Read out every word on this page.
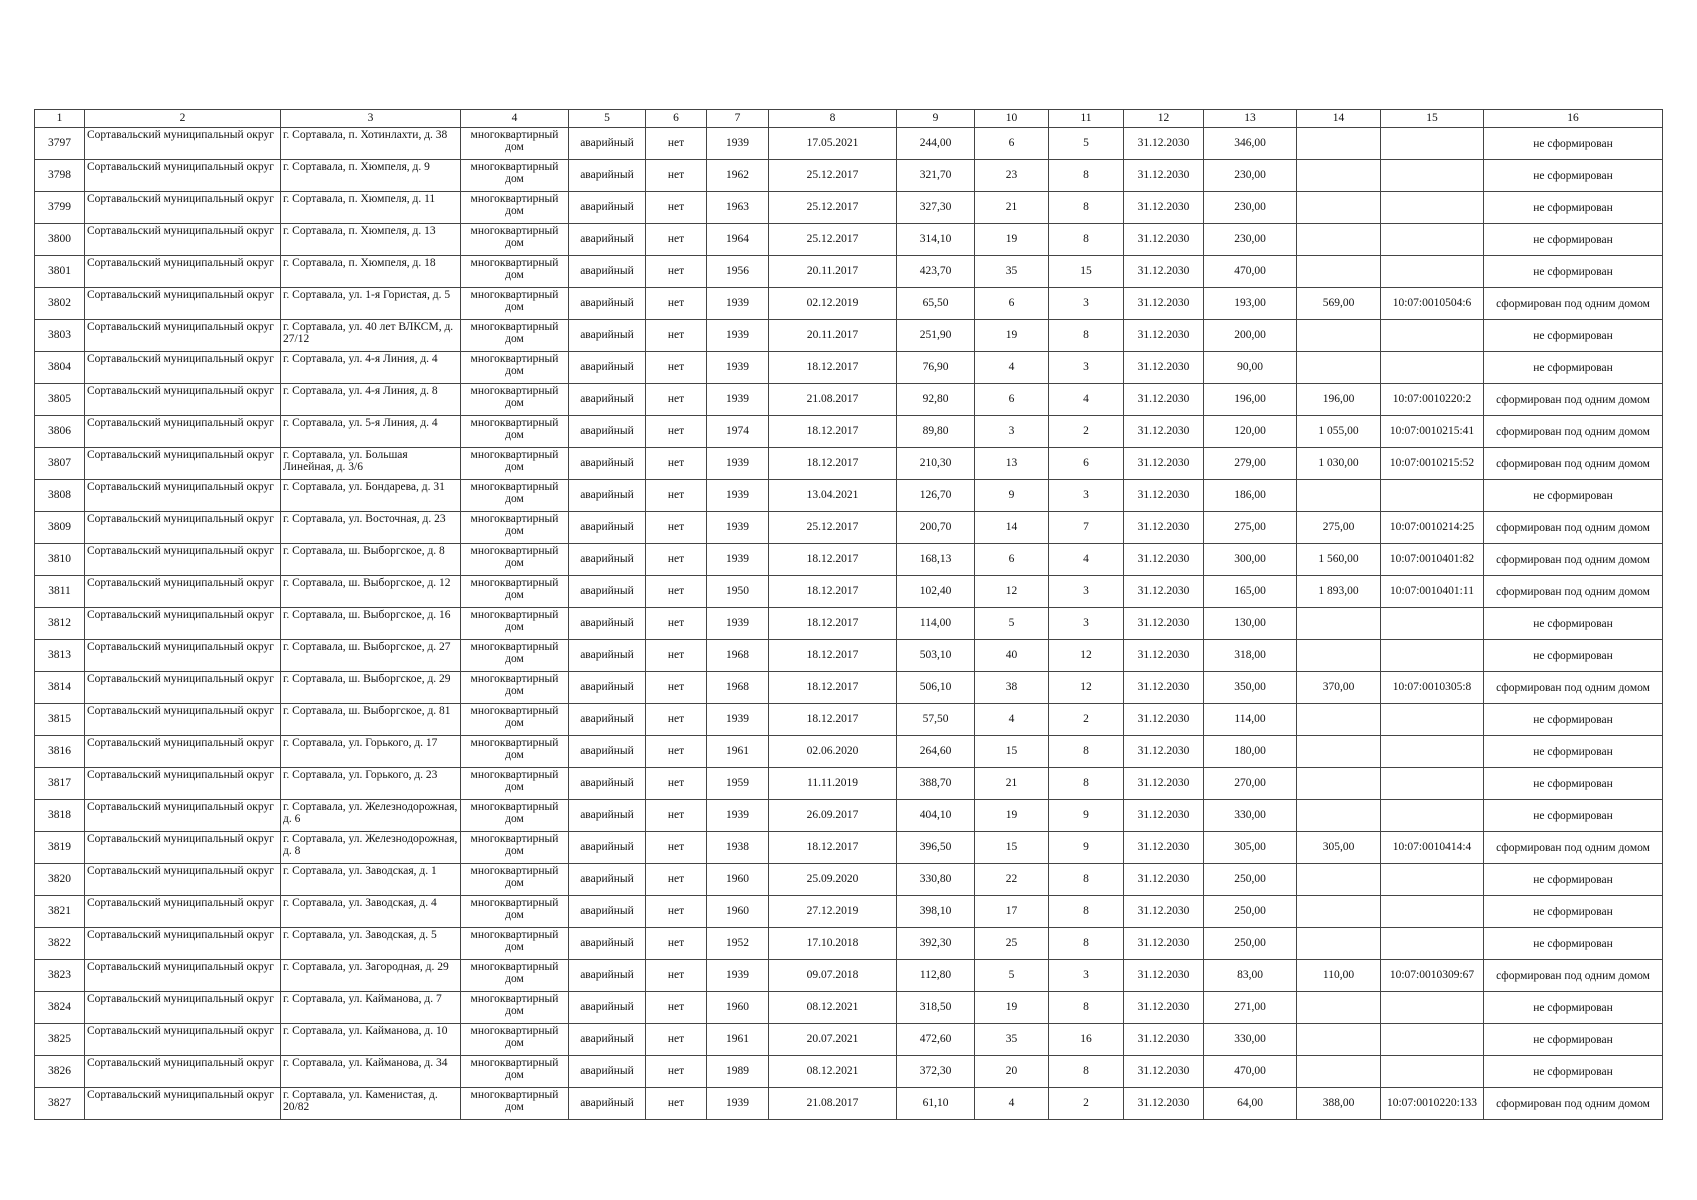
1	2	3	4	5	6	7	8	9	10	11	12	13	14	15	16
3797	Сортавальский муниципальный округ	г. Сортавала, п. Хотинлахти, д. 38	многоквартирный дом	аварийный	нет	1939	17.05.2021	244,00	6	5	31.12.2030	346,00			не сформирован
3798	Сортавальский муниципальный округ	г. Сортавала, п. Хюмпеля, д. 9	многоквартирный дом	аварийный	нет	1962	25.12.2017	321,70	23	8	31.12.2030	230,00			не сформирован
3799	Сортавальский муниципальный округ	г. Сортавала, п. Хюмпеля, д. 11	многоквартирный дом	аварийный	нет	1963	25.12.2017	327,30	21	8	31.12.2030	230,00			не сформирован
3800	Сортавальский муниципальный округ	г. Сортавала, п. Хюмпеля, д. 13	многоквартирный дом	аварийный	нет	1964	25.12.2017	314,10	19	8	31.12.2030	230,00			не сформирован
3801	Сортавальский муниципальный округ	г. Сортавала, п. Хюмпеля, д. 18	многоквартирный дом	аварийный	нет	1956	20.11.2017	423,70	35	15	31.12.2030	470,00			не сформирован
3802	Сортавальский муниципальный округ	г. Сортавала, ул. 1-я Гористая, д. 5	многоквартирный дом	аварийный	нет	1939	02.12.2019	65,50	6	3	31.12.2030	193,00	569,00	10:07:0010504:6	сформирован под одним домом
3803	Сортавальский муниципальный округ	г. Сортавала, ул. 40 лет ВЛКСМ, д. 27/12	многоквартирный дом	аварийный	нет	1939	20.11.2017	251,90	19	8	31.12.2030	200,00			не сформирован
3804	Сортавальский муниципальный округ	г. Сортавала, ул. 4-я Линия, д. 4	многоквартирный дом	аварийный	нет	1939	18.12.2017	76,90	4	3	31.12.2030	90,00			не сформирован
3805	Сортавальский муниципальный округ	г. Сортавала, ул. 4-я Линия, д. 8	многоквартирный дом	аварийный	нет	1939	21.08.2017	92,80	6	4	31.12.2030	196,00	196,00	10:07:0010220:2	сформирован под одним домом
3806	Сортавальский муниципальный округ	г. Сортавала, ул. 5-я Линия, д. 4	многоквартирный дом	аварийный	нет	1974	18.12.2017	89,80	3	2	31.12.2030	120,00	1 055,00	10:07:0010215:41	сформирован под одним домом
3807	Сортавальский муниципальный округ	г. Сортавала, ул. Большая Линейная, д. 3/6	многоквартирный дом	аварийный	нет	1939	18.12.2017	210,30	13	6	31.12.2030	279,00	1 030,00	10:07:0010215:52	сформирован под одним домом
3808	Сортавальский муниципальный округ	г. Сортавала, ул. Бондарева, д. 31	многоквартирный дом	аварийный	нет	1939	13.04.2021	126,70	9	3	31.12.2030	186,00			не сформирован
3809	Сортавальский муниципальный округ	г. Сортавала, ул. Восточная, д. 23	многоквартирный дом	аварийный	нет	1939	25.12.2017	200,70	14	7	31.12.2030	275,00	275,00	10:07:0010214:25	сформирован под одним домом
3810	Сортавальский муниципальный округ	г. Сортавала, ш. Выборгское, д. 8	многоквартирный дом	аварийный	нет	1939	18.12.2017	168,13	6	4	31.12.2030	300,00	1 560,00	10:07:0010401:82	сформирован под одним домом
3811	Сортавальский муниципальный округ	г. Сортавала, ш. Выборгское, д. 12	многоквартирный дом	аварийный	нет	1950	18.12.2017	102,40	12	3	31.12.2030	165,00	1 893,00	10:07:0010401:11	сформирован под одним домом
3812	Сортавальский муниципальный округ	г. Сортавала, ш. Выборгское, д. 16	многоквартирный дом	аварийный	нет	1939	18.12.2017	114,00	5	3	31.12.2030	130,00			не сформирован
3813	Сортавальский муниципальный округ	г. Сортавала, ш. Выборгское, д. 27	многоквартирный дом	аварийный	нет	1968	18.12.2017	503,10	40	12	31.12.2030	318,00			не сформирован
3814	Сортавальский муниципальный округ	г. Сортавала, ш. Выборгское, д. 29	многоквартирный дом	аварийный	нет	1968	18.12.2017	506,10	38	12	31.12.2030	350,00	370,00	10:07:0010305:8	сформирован под одним домом
3815	Сортавальский муниципальный округ	г. Сортавала, ш. Выборгское, д. 81	многоквартирный дом	аварийный	нет	1939	18.12.2017	57,50	4	2	31.12.2030	114,00			не сформирован
3816	Сортавальский муниципальный округ	г. Сортавала, ул. Горького, д. 17	многоквартирный дом	аварийный	нет	1961	02.06.2020	264,60	15	8	31.12.2030	180,00			не сформирован
3817	Сортавальский муниципальный округ	г. Сортавала, ул. Горького, д. 23	многоквартирный дом	аварийный	нет	1959	11.11.2019	388,70	21	8	31.12.2030	270,00			не сформирован
3818	Сортавальский муниципальный округ	г. Сортавала, ул. Железнодорожная, д. 6	многоквартирный дом	аварийный	нет	1939	26.09.2017	404,10	19	9	31.12.2030	330,00			не сформирован
3819	Сортавальский муниципальный округ	г. Сортавала, ул. Железнодорожная, д. 8	многоквартирный дом	аварийный	нет	1938	18.12.2017	396,50	15	9	31.12.2030	305,00	305,00	10:07:0010414:4	сформирован под одним домом
3820	Сортавальский муниципальный округ	г. Сортавала, ул. Заводская, д. 1	многоквартирный дом	аварийный	нет	1960	25.09.2020	330,80	22	8	31.12.2030	250,00			не сформирован
3821	Сортавальский муниципальный округ	г. Сортавала, ул. Заводская, д. 4	многоквартирный дом	аварийный	нет	1960	27.12.2019	398,10	17	8	31.12.2030	250,00			не сформирован
3822	Сортавальский муниципальный округ	г. Сортавала, ул. Заводская, д. 5	многоквартирный дом	аварийный	нет	1952	17.10.2018	392,30	25	8	31.12.2030	250,00			не сформирован
3823	Сортавальский муниципальный округ	г. Сортавала, ул. Загородная, д. 29	многоквартирный дом	аварийный	нет	1939	09.07.2018	112,80	5	3	31.12.2030	83,00	110,00	10:07:0010309:67	сформирован под одним домом
3824	Сортавальский муниципальный округ	г. Сортавала, ул. Кайманова, д. 7	многоквартирный дом	аварийный	нет	1960	08.12.2021	318,50	19	8	31.12.2030	271,00			не сформирован
3825	Сортавальский муниципальный округ	г. Сортавала, ул. Кайманова, д. 10	многоквартирный дом	аварийный	нет	1961	20.07.2021	472,60	35	16	31.12.2030	330,00			не сформирован
3826	Сортавальский муниципальный округ	г. Сортавала, ул. Кайманова, д. 34	многоквартирный дом	аварийный	нет	1989	08.12.2021	372,30	20	8	31.12.2030	470,00			не сформирован
3827	Сортавальский муниципальный округ	г. Сортавала, ул. Каменистая, д. 20/82	многоквартирный дом	аварийный	нет	1939	21.08.2017	61,10	4	2	31.12.2030	64,00	388,00	10:07:0010220:133	сформирован под одним домом
